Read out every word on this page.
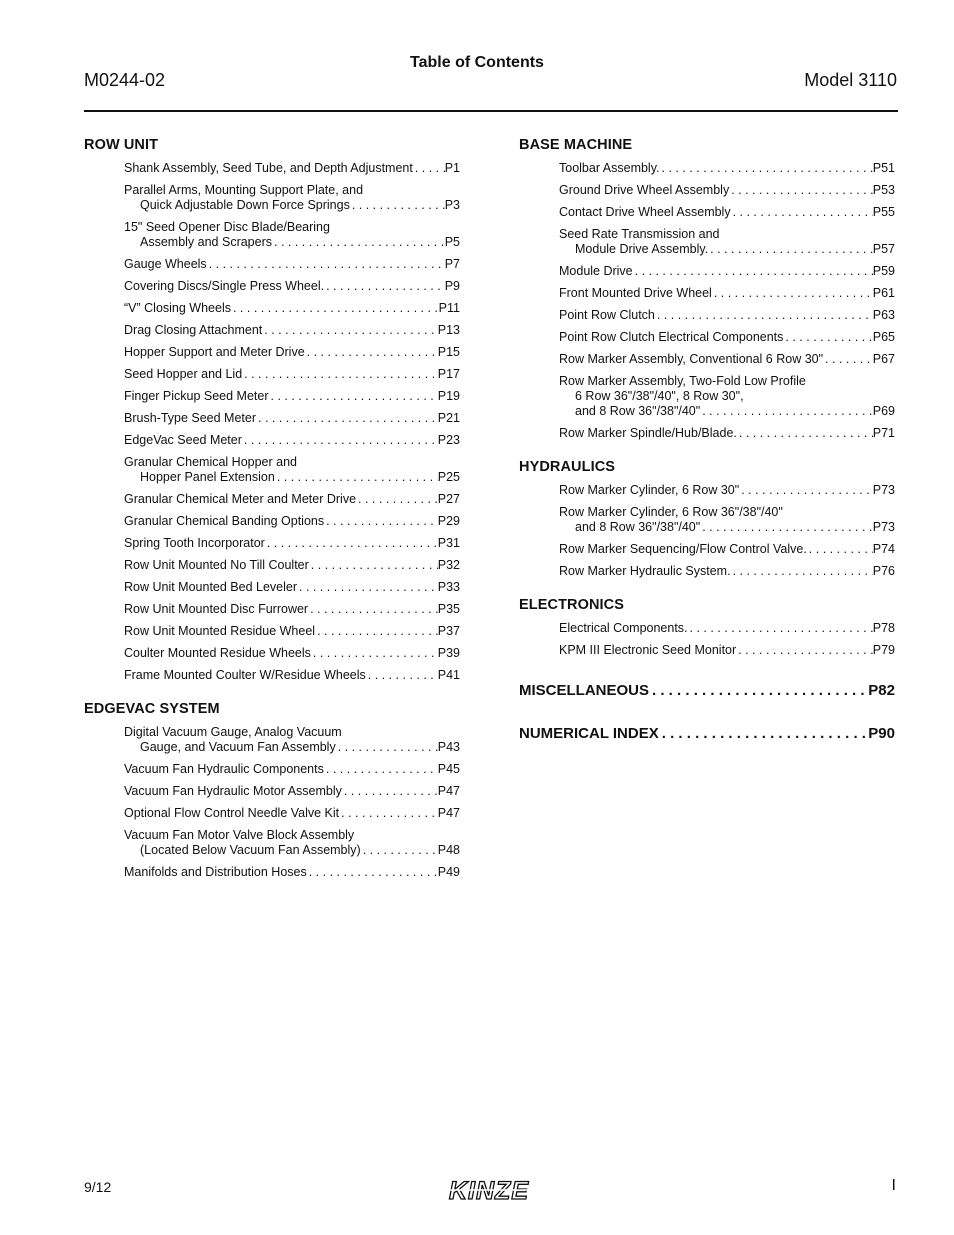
Table of Contents
M0244-02	Model 3110
ROW UNIT
Shank Assembly, Seed Tube, and Depth Adjustment . . .	P1
Parallel Arms, Mounting Support Plate, and
Quick Adjustable Down Force Springs . . .	P3
15" Seed Opener Disc Blade/Bearing
Assembly and Scrapers . . .	P5
Gauge Wheels . . .	P7
Covering Discs/Single Press Wheel. . . .	P9
“V” Closing Wheels . . .	P11
Drag Closing Attachment . . .	P13
Hopper Support and Meter Drive . . .	P15
Seed Hopper and Lid . . .	P17
Finger Pickup Seed Meter . . .	P19
Brush-Type Seed Meter . . .	P21
EdgeVac Seed Meter . . .	P23
Granular Chemical Hopper and
Hopper Panel Extension . . .	P25
Granular Chemical Meter and Meter Drive . . .	P27
Granular Chemical Banding Options . . .	P29
Spring Tooth Incorporator . . .	P31
Row Unit Mounted No Till Coulter . . .	P32
Row Unit Mounted Bed Leveler . . .	P33
Row Unit Mounted Disc Furrower . . .	P35
Row Unit Mounted Residue Wheel . . .	P37
Coulter Mounted Residue Wheels . . .	P39
Frame Mounted Coulter W/Residue Wheels . . .	P41
EDGEVAC SYSTEM
Digital Vacuum Gauge, Analog Vacuum
Gauge, and Vacuum Fan Assembly . . .	P43
Vacuum Fan Hydraulic Components . . .	P45
Vacuum Fan Hydraulic Motor Assembly . . .	P47
Optional Flow Control Needle Valve Kit . . .	P47
Vacuum Fan Motor Valve Block Assembly
(Located Below Vacuum Fan Assembly) . . .	P48
Manifolds and Distribution Hoses . . .	P49
BASE MACHINE
Toolbar Assembly. . . .	P51
Ground Drive Wheel Assembly . . .	P53
Contact Drive Wheel Assembly . . .	P55
Seed Rate Transmission and
Module Drive Assembly. . . .	P57
Module Drive . . .	P59
Front Mounted Drive Wheel . . .	P61
Point Row Clutch . . .	P63
Point Row Clutch Electrical Components . . .	P65
Row Marker Assembly, Conventional 6 Row 30" . . .	P67
Row Marker Assembly, Two-Fold Low Profile
6 Row 36"/38"/40", 8 Row 30",
and 8 Row 36"/38"/40" . . .	P69
Row Marker Spindle/Hub/Blade. . . .	P71
HYDRAULICS
Row Marker Cylinder, 6 Row 30" . . .	P73
Row Marker Cylinder, 6 Row 36"/38"/40"
and 8 Row 36"/38"/40" . . .	P73
Row Marker Sequencing/Flow Control Valve. . . .	P74
Row Marker Hydraulic System. . . .	P76
ELECTRONICS
Electrical Components. . . .	P78
KPM III Electronic Seed Monitor . . .	P79
MISCELLANEOUS . . .	P82
NUMERICAL INDEX . . .	P90
9/12	KINZE	I
